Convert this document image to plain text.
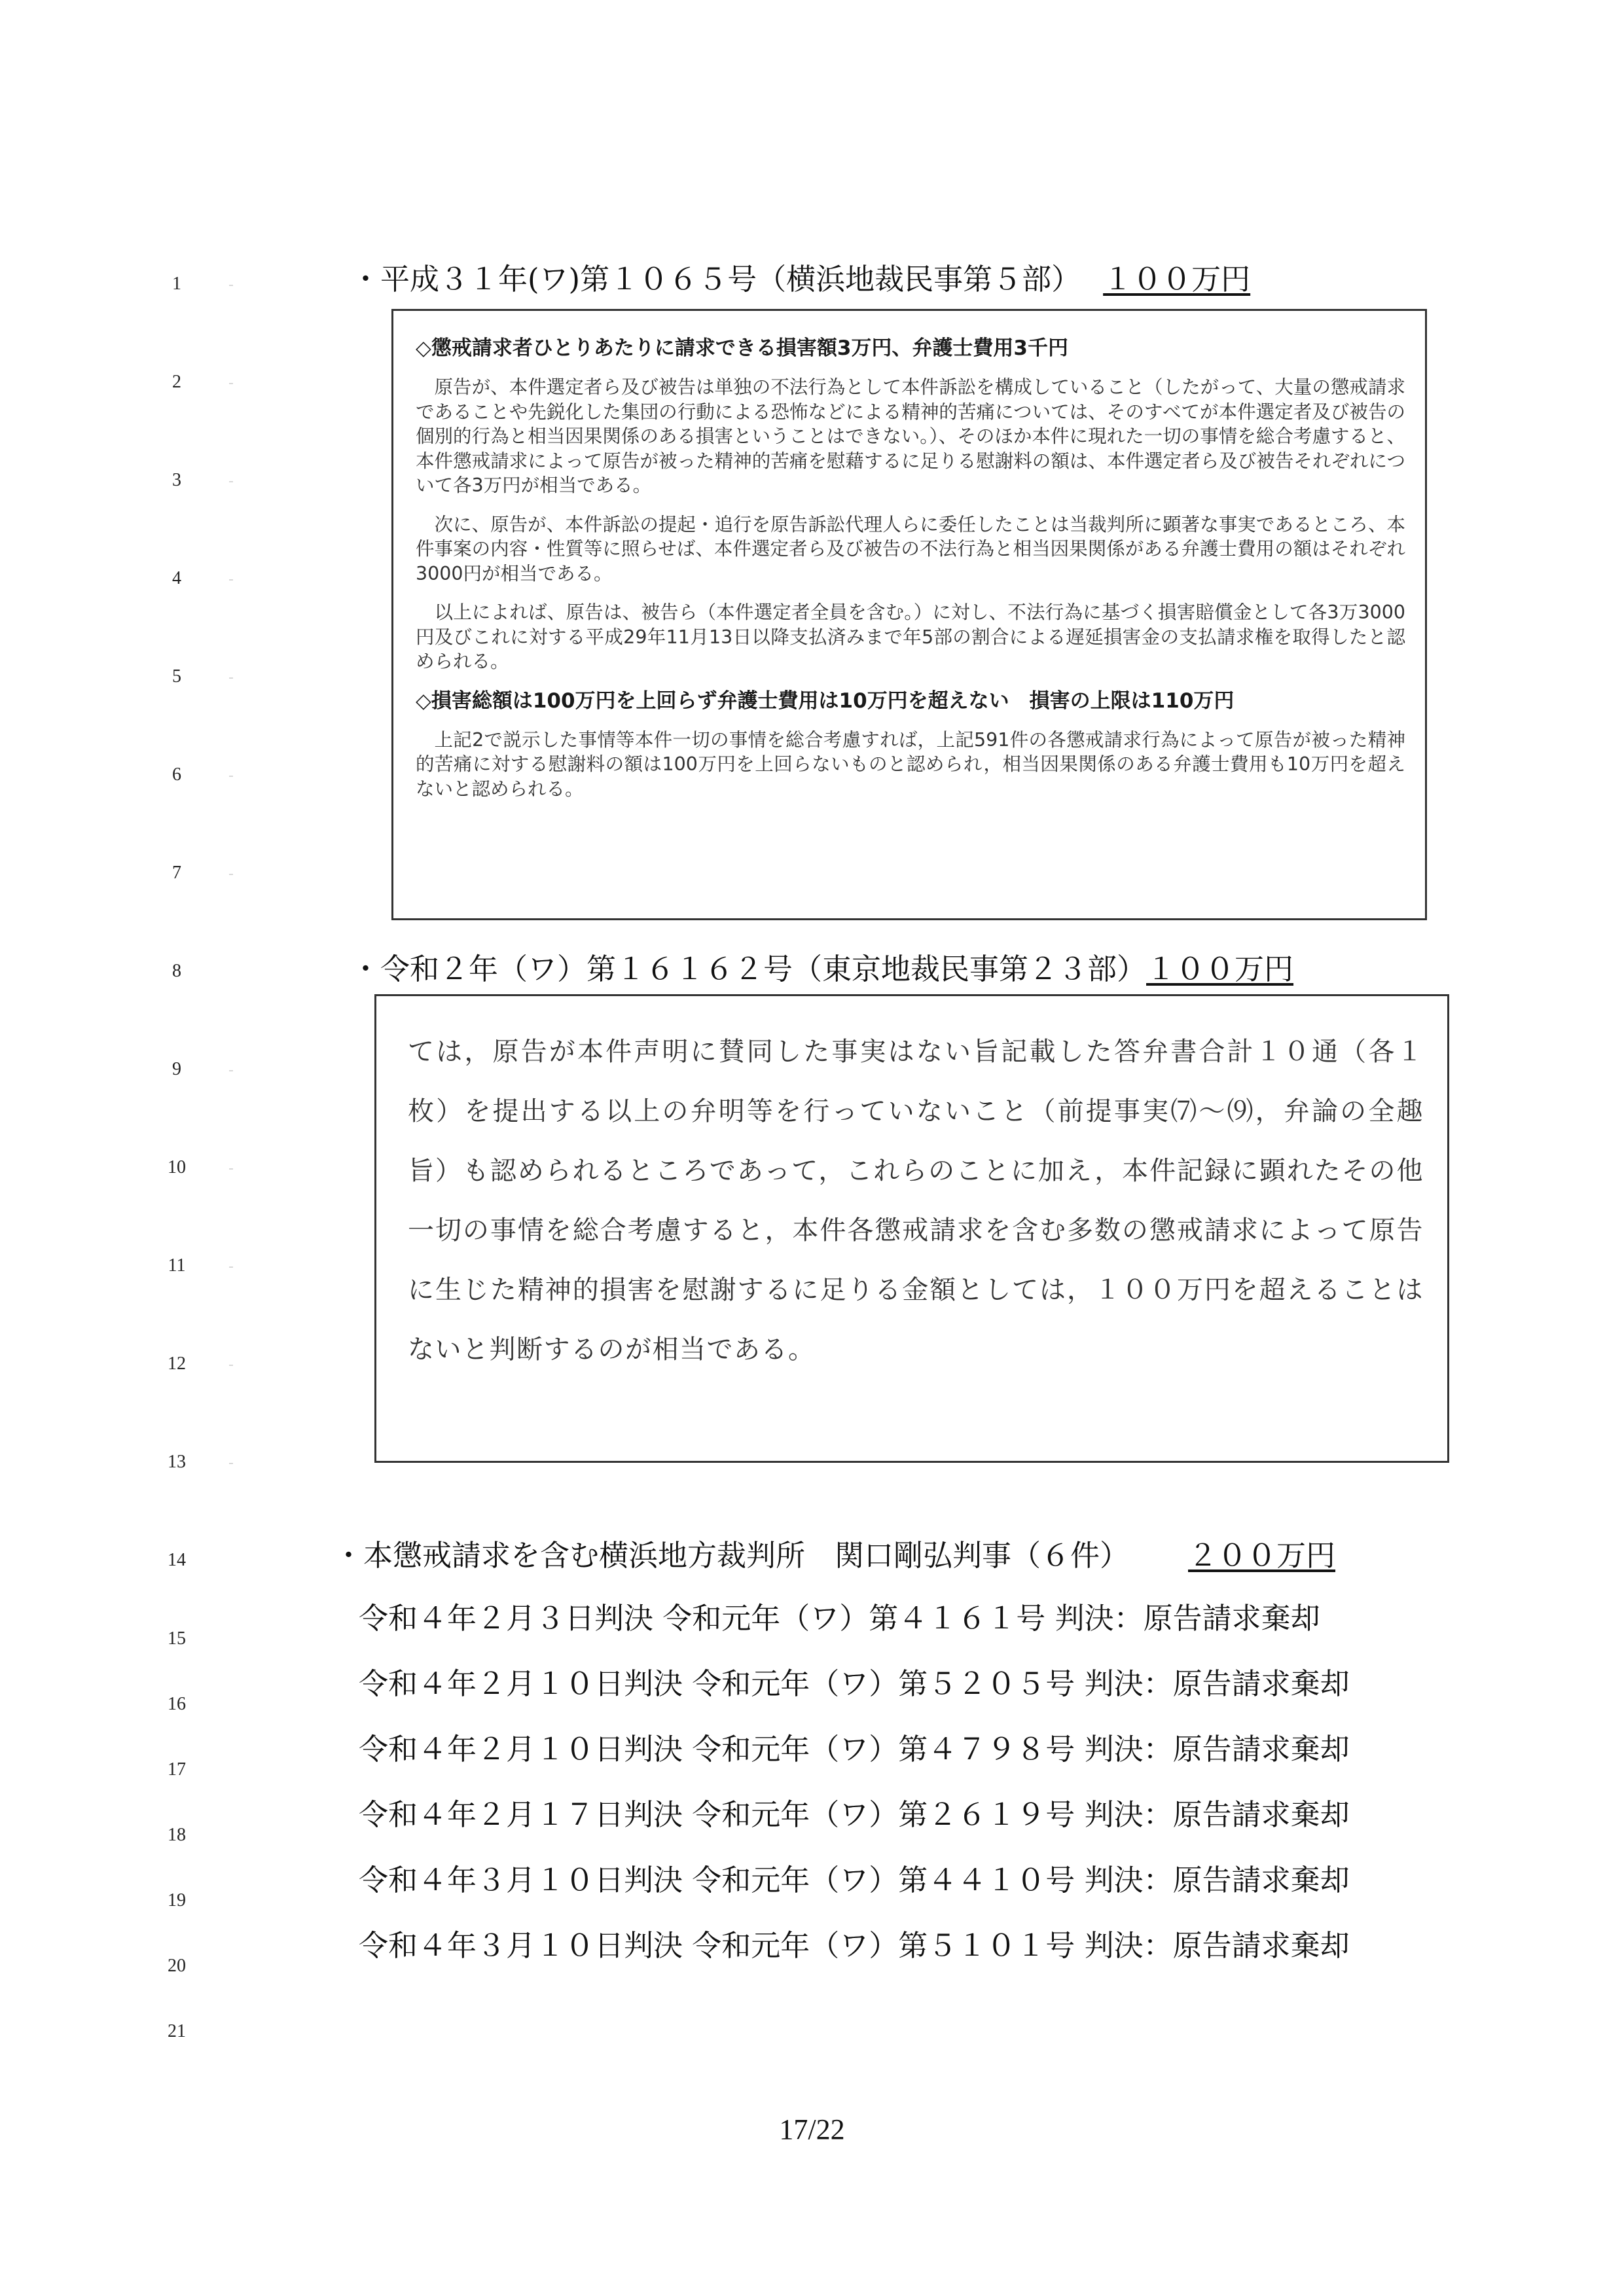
1
2
3
4
5
6
7
8
9
10
11
12
13
14
15
16
17
18
19
20
21
・平成３１年(ワ)第１０６５号（横浜地裁民事第５部） １００万円

◇懲戒請求者ひとりあたりに請求できる損害額3万円、弁護士費用3千円

原告が、本件選定者ら及び被告は単独の不法行為として本件訴訟を構成していること（したがって、大量の懲戒請求であることや先鋭化した集団の行動による恐怖などによる精神的苦痛については、そのすべてが本件選定者及び被告の個別的行為と相当因果関係のある損害ということはできない。）、そのほか本件に現れた一切の事情を総合考慮すると、本件懲戒請求によって原告が被った精神的苦痛を慰藉するに足りる慰謝料の額は、本件選定者ら及び被告それぞれについて各3万円が相当である。

次に、原告が、本件訴訟の提起・追行を原告訴訟代理人らに委任したことは当裁判所に顕著な事実であるところ、本件事案の内容・性質等に照らせば、本件選定者ら及び被告の不法行為と相当因果関係がある弁護士費用の額はそれぞれ3000円が相当である。

以上によれば、原告は、被告ら（本件選定者全員を含む。）に対し、不法行為に基づく損害賠償金として各3万3000円及びこれに対する平成29年11月13日以降支払済みまで年5部の割合による遅延損害金の支払請求権を取得したと認められる。

◇損害総額は100万円を上回らず弁護士費用は10万円を超えない　損害の上限は110万円

上記2で説示した事情等本件一切の事情を総合考慮すれば，上記591件の各懲戒請求行為によって原告が被った精神的苦痛に対する慰謝料の額は100万円を上回らないものと認められ，相当因果関係のある弁護士費用も10万円を超えないと認められる。

・令和２年（ワ）第１６１６２号（東京地裁民事第２３部）１００万円

ては，原告が本件声明に賛同した事実はない旨記載した答弁書合計１０通（各１枚）を提出する以上の弁明等を行っていないこと（前提事実⑺～⑼，弁論の全趣旨）も認められるところであって，これらのことに加え，本件記録に顕れたその他一切の事情を総合考慮すると，本件各懲戒請求を含む多数の懲戒請求によって原告に生じた精神的損害を慰謝するに足りる金額としては，１００万円を超えることはないと判断するのが相当である。

・本懲戒請求を含む横浜地方裁判所　関口剛弘判事（６件） ２００万円
令和４年２月３日判決 令和元年（ワ）第４１６１号 判決：原告請求棄却
令和４年２月１０日判決 令和元年（ワ）第５２０５号 判決：原告請求棄却
令和４年２月１０日判決 令和元年（ワ）第４７９８号 判決：原告請求棄却
令和４年２月１７日判決 令和元年（ワ）第２６１９号 判決：原告請求棄却
令和４年３月１０日判決 令和元年（ワ）第４４１０号 判決：原告請求棄却
令和４年３月１０日判決 令和元年（ワ）第５１０１号 判決：原告請求棄却
17/22
